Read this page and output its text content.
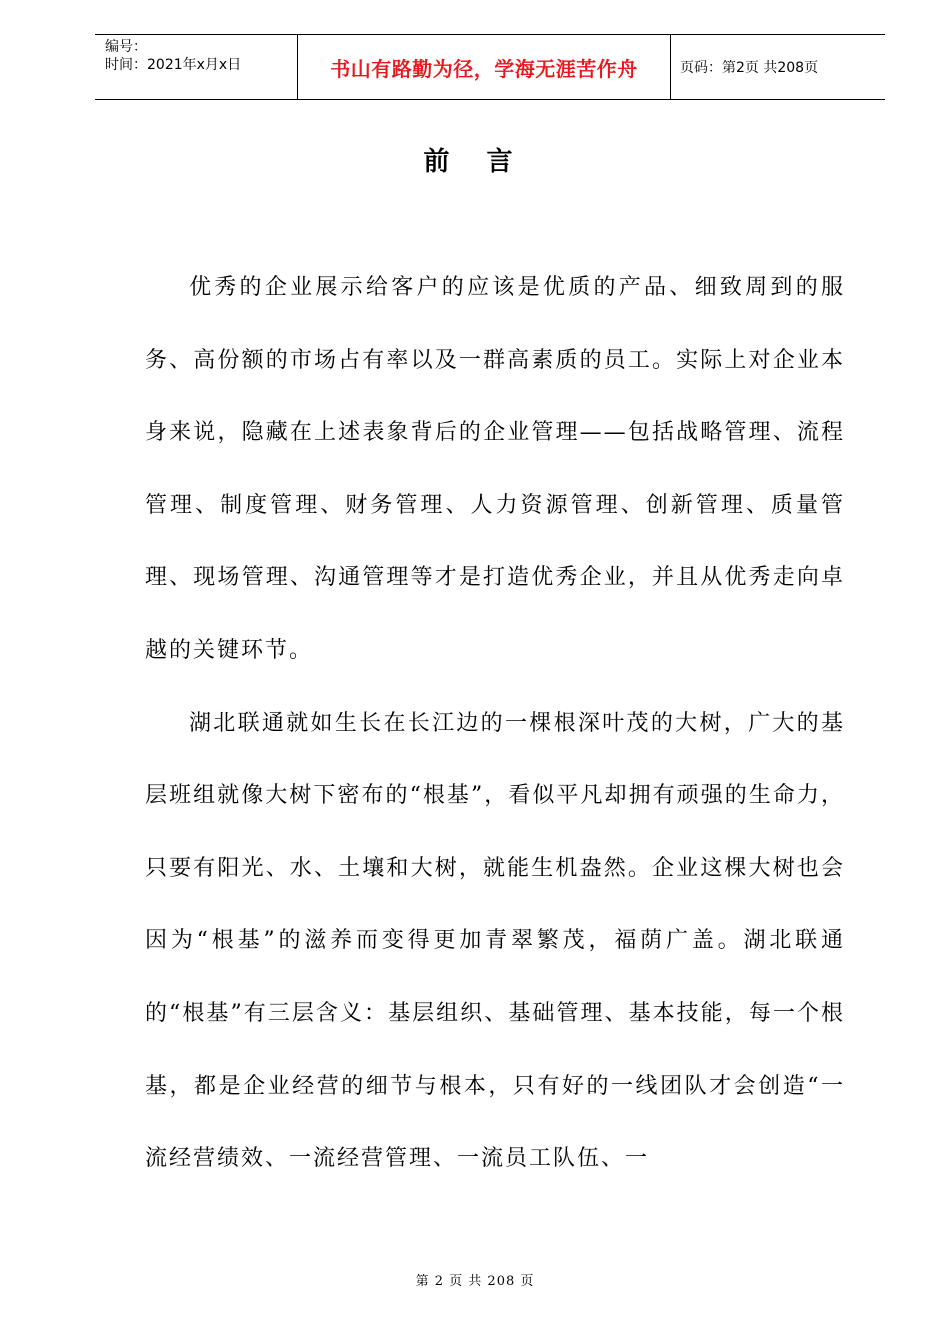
编号：
时间：2021年x月x日	书山有路勤为径，学海无涯苦作舟	页码：第2页 共208页
前 言

优秀的企业展示给客户的应该是优质的产品、细致周到的服务、高份额的市场占有率以及一群高素质的员工。实际上对企业本身来说，隐藏在上述表象背后的企业管理——包括战略管理、流程管理、制度管理、财务管理、人力资源管理、创新管理、质量管理、现场管理、沟通管理等才是打造优秀企业，并且从优秀走向卓越的关键环节。

湖北联通就如生长在长江边的一棵根深叶茂的大树，广大的基层班组就像大树下密布的“根基”，看似平凡却拥有顽强的生命力，只要有阳光、水、土壤和大树，就能生机盎然。企业这棵大树也会因为“根基”的滋养而变得更加青翠繁茂，福荫广盖。湖北联通的“根基”有三层含义：基层组织、基础管理、基本技能，每一个根基，都是企业经营的细节与根本，只有好的一线团队才会创造“一流经营绩效、一流经营管理、一流员工队伍、一

第 2 页 共 208 页
